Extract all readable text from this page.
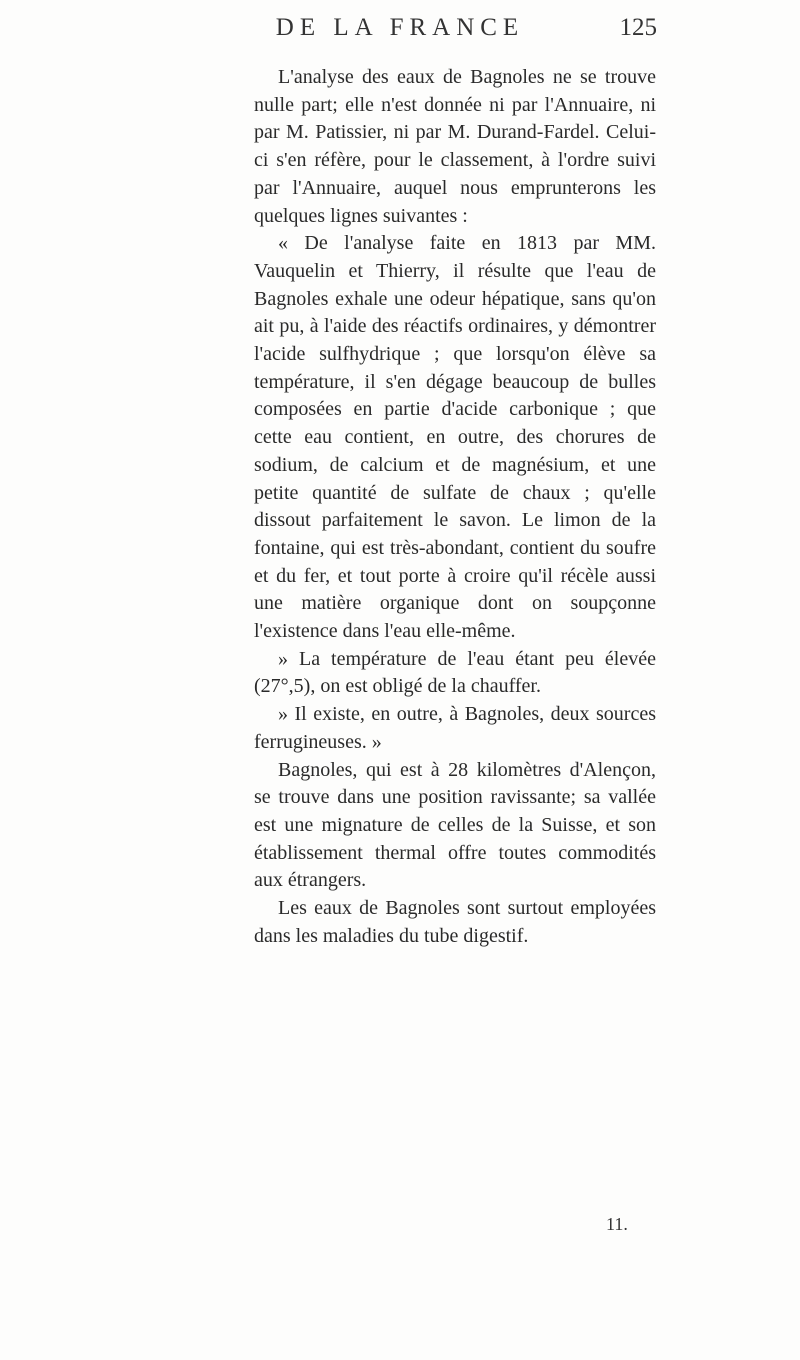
DE LA FRANCE	125

L'analyse des eaux de Bagnoles ne se trouve nulle part; elle n'est donnée ni par l'Annuaire, ni par M. Patissier, ni par M. Durand-Fardel. Celui-ci s'en réfère, pour le classement, à l'ordre suivi par l'Annuaire, auquel nous emprunterons les quelques lignes suivantes :

« De l'analyse faite en 1813 par MM. Vauquelin et Thierry, il résulte que l'eau de Bagnoles exhale une odeur hépatique, sans qu'on ait pu, à l'aide des réactifs ordinaires, y démontrer l'acide sulfhydrique ; que lorsqu'on élève sa température, il s'en dégage beaucoup de bulles composées en partie d'acide carbonique ; que cette eau contient, en outre, des chorures de sodium, de calcium et de magnésium, et une petite quantité de sulfate de chaux ; qu'elle dissout parfaitement le savon. Le limon de la fontaine, qui est très-abondant, contient du soufre et du fer, et tout porte à croire qu'il récèle aussi une matière organique dont on soupçonne l'existence dans l'eau elle-même.

» La température de l'eau étant peu élevée (27°,5), on est obligé de la chauffer.

» Il existe, en outre, à Bagnoles, deux sources ferrugineuses. »

Bagnoles, qui est à 28 kilomètres d'Alençon, se trouve dans une position ravissante; sa vallée est une mignature de celles de la Suisse, et son établissement thermal offre toutes commodités aux étrangers.

Les eaux de Bagnoles sont surtout employées dans les maladies du tube digestif.

11.
